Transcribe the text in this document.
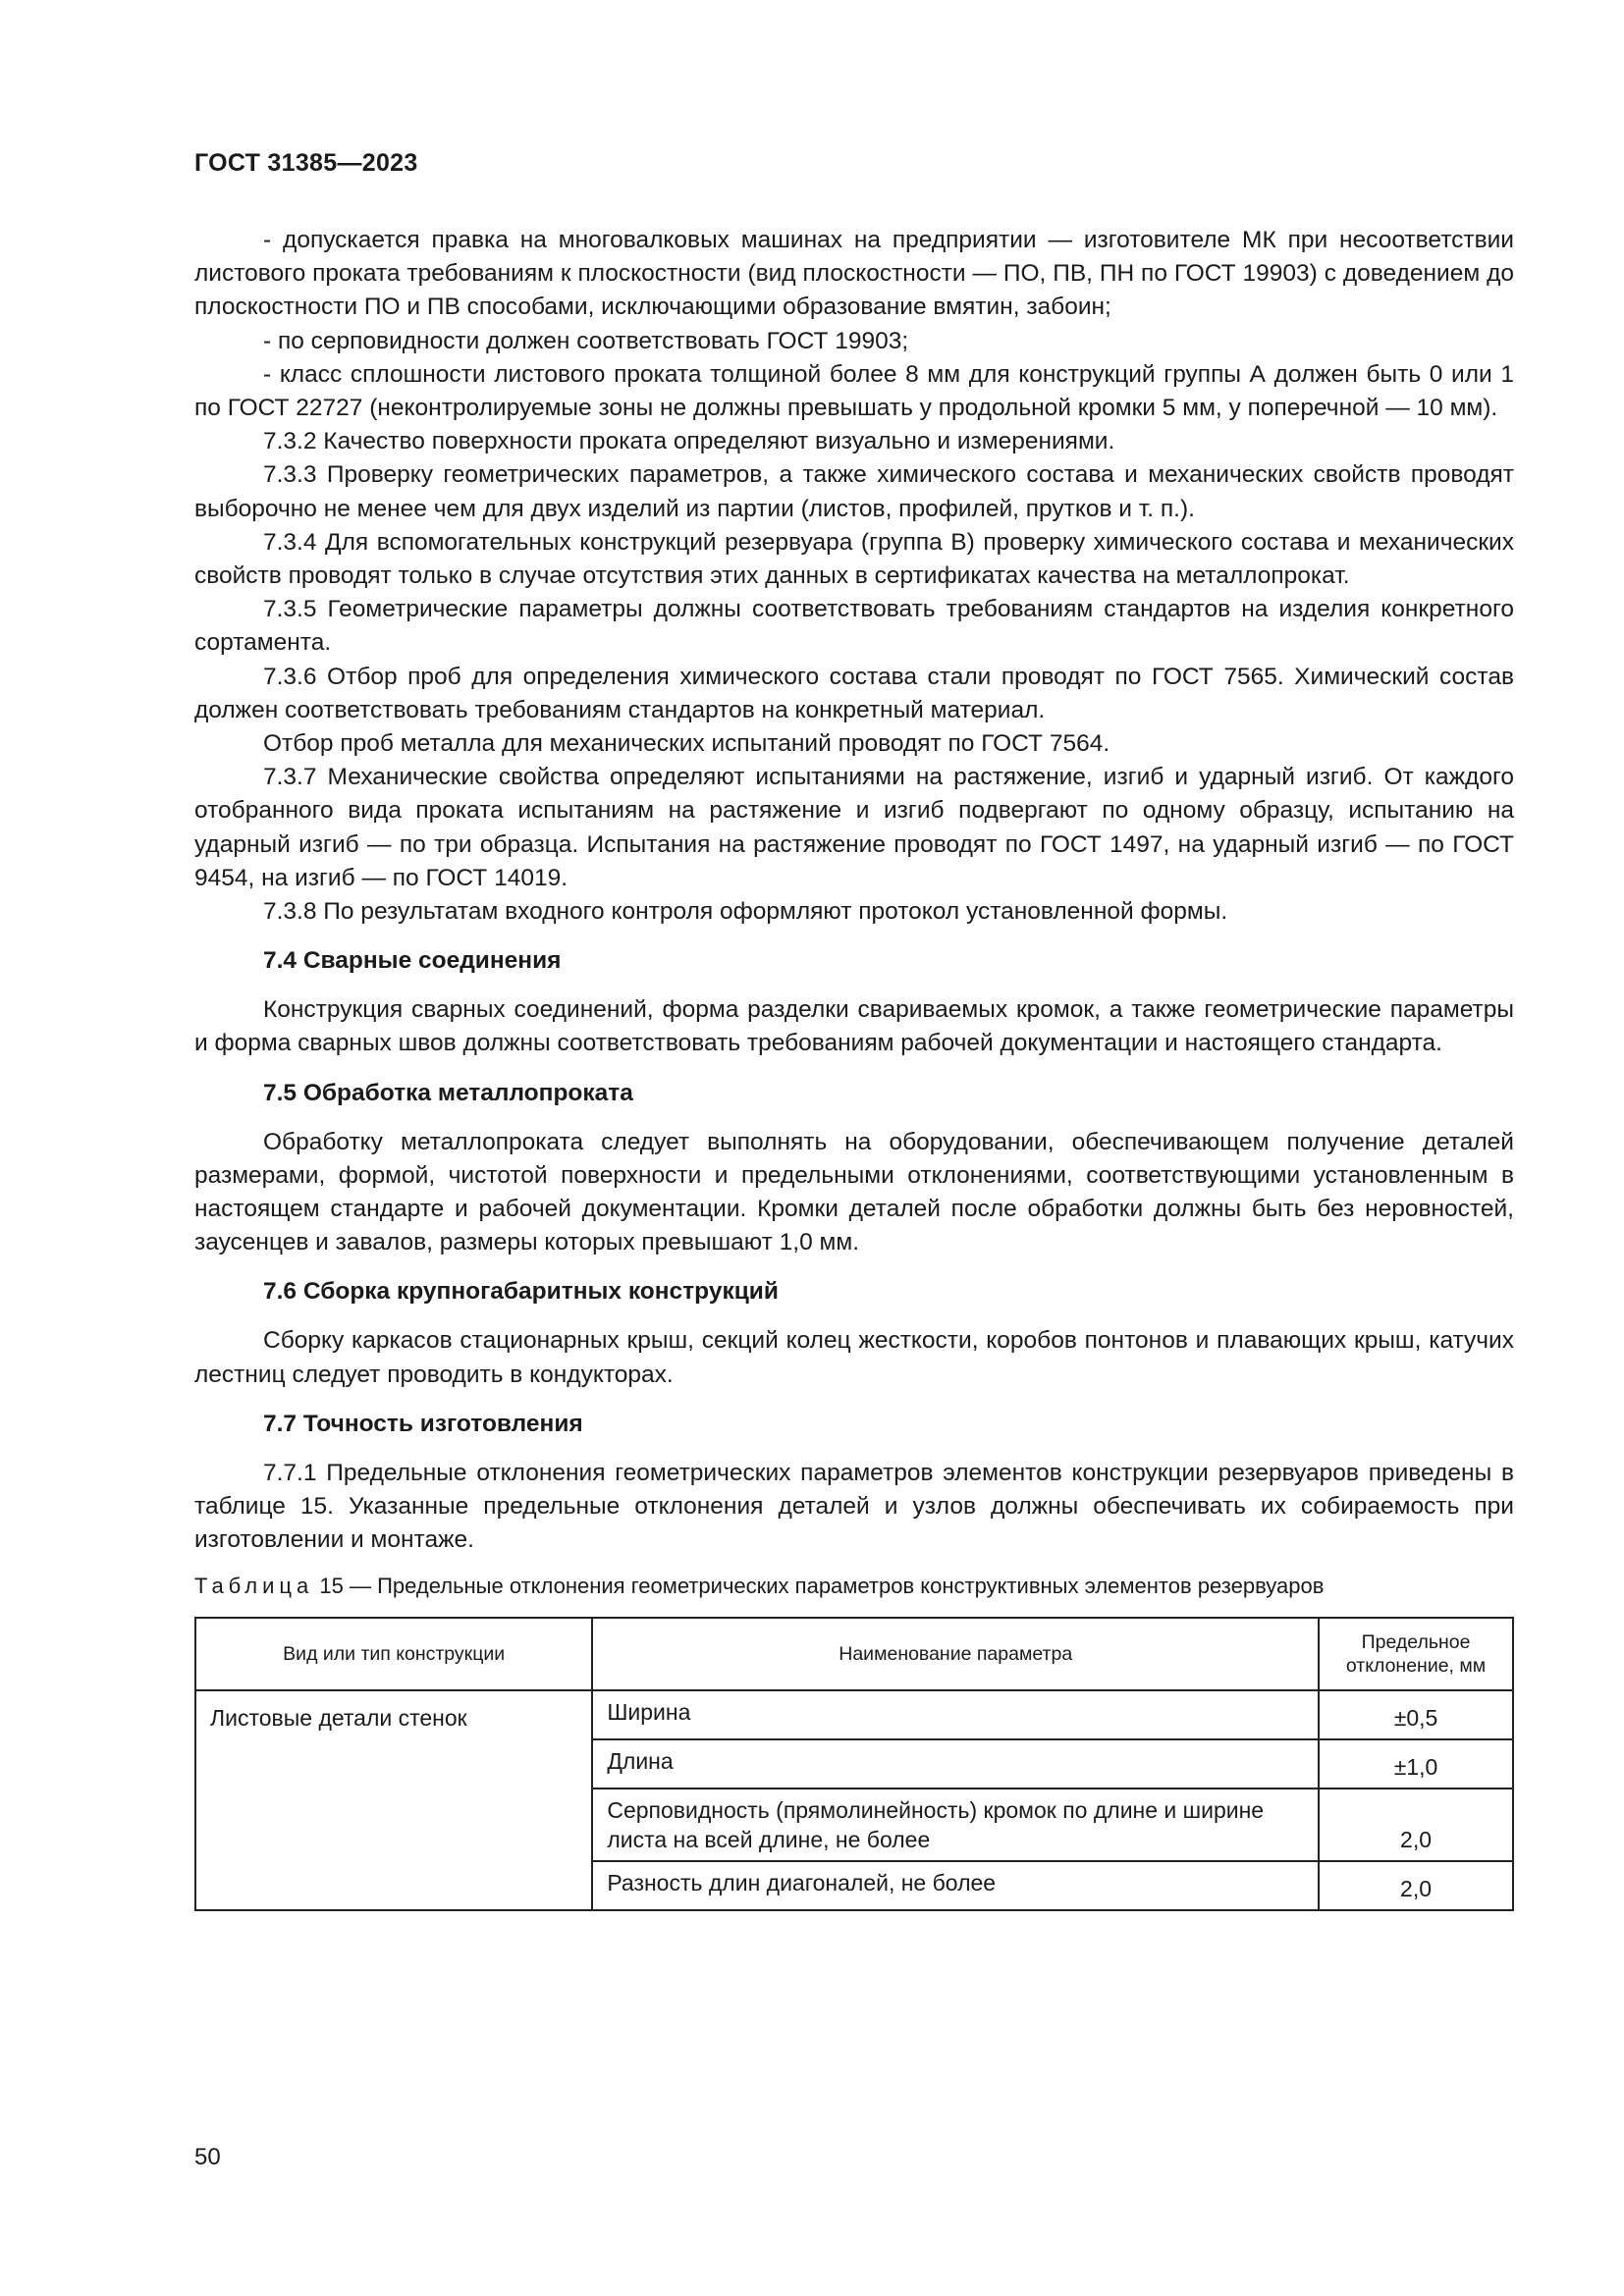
ГОСТ 31385—2023

- допускается правка на многовалковых машинах на предприятии — изготовителе МК при несоответствии листового проката требованиям к плоскостности (вид плоскостности — ПО, ПВ, ПН по ГОСТ 19903) с доведением до плоскостности ПО и ПВ способами, исключающими образование вмятин, забоин;

- по серповидности должен соответствовать ГОСТ 19903;

- класс сплошности листового проката толщиной более 8 мм для конструкций группы А должен быть 0 или 1 по ГОСТ 22727 (неконтролируемые зоны не должны превышать у продольной кромки 5 мм, у поперечной — 10 мм).

7.3.2 Качество поверхности проката определяют визуально и измерениями.

7.3.3 Проверку геометрических параметров, а также химического состава и механических свойств проводят выборочно не менее чем для двух изделий из партии (листов, профилей, прутков и т. п.).

7.3.4 Для вспомогательных конструкций резервуара (группа В) проверку химического состава и механических свойств проводят только в случае отсутствия этих данных в сертификатах качества на металлопрокат.

7.3.5 Геометрические параметры должны соответствовать требованиям стандартов на изделия конкретного сортамента.

7.3.6 Отбор проб для определения химического состава стали проводят по ГОСТ 7565. Химический состав должен соответствовать требованиям стандартов на конкретный материал.

Отбор проб металла для механических испытаний проводят по ГОСТ 7564.

7.3.7 Механические свойства определяют испытаниями на растяжение, изгиб и ударный изгиб. От каждого отобранного вида проката испытаниям на растяжение и изгиб подвергают по одному образцу, испытанию на ударный изгиб — по три образца. Испытания на растяжение проводят по ГОСТ 1497, на ударный изгиб — по ГОСТ 9454, на изгиб — по ГОСТ 14019.

7.3.8 По результатам входного контроля оформляют протокол установленной формы.

7.4 Сварные соединения

Конструкция сварных соединений, форма разделки свариваемых кромок, а также геометрические параметры и форма сварных швов должны соответствовать требованиям рабочей документации и настоящего стандарта.

7.5 Обработка металлопроката

Обработку металлопроката следует выполнять на оборудовании, обеспечивающем получение деталей размерами, формой, чистотой поверхности и предельными отклонениями, соответствующими установленным в настоящем стандарте и рабочей документации. Кромки деталей после обработки должны быть без неровностей, заусенцев и завалов, размеры которых превышают 1,0 мм.

7.6 Сборка крупногабаритных конструкций

Сборку каркасов стационарных крыш, секций колец жесткости, коробов понтонов и плавающих крыш, катучих лестниц следует проводить в кондукторах.

7.7 Точность изготовления

7.7.1 Предельные отклонения геометрических параметров элементов конструкции резервуаров приведены в таблице 15. Указанные предельные отклонения деталей и узлов должны обеспечивать их собираемость при изготовлении и монтаже.

Таблица 15 — Предельные отклонения геометрических параметров конструктивных элементов резервуаров
Вид или тип конструкции	Наименование параметра	Предельное отклонение, мм
Листовые детали стенок	Ширина	±0,5
	Длина	±1,0
	Серповидность (прямолинейность) кромок по длине и ширине листа на всей длине, не более	2,0
	Разность длин диагоналей, не более	2,0
50
